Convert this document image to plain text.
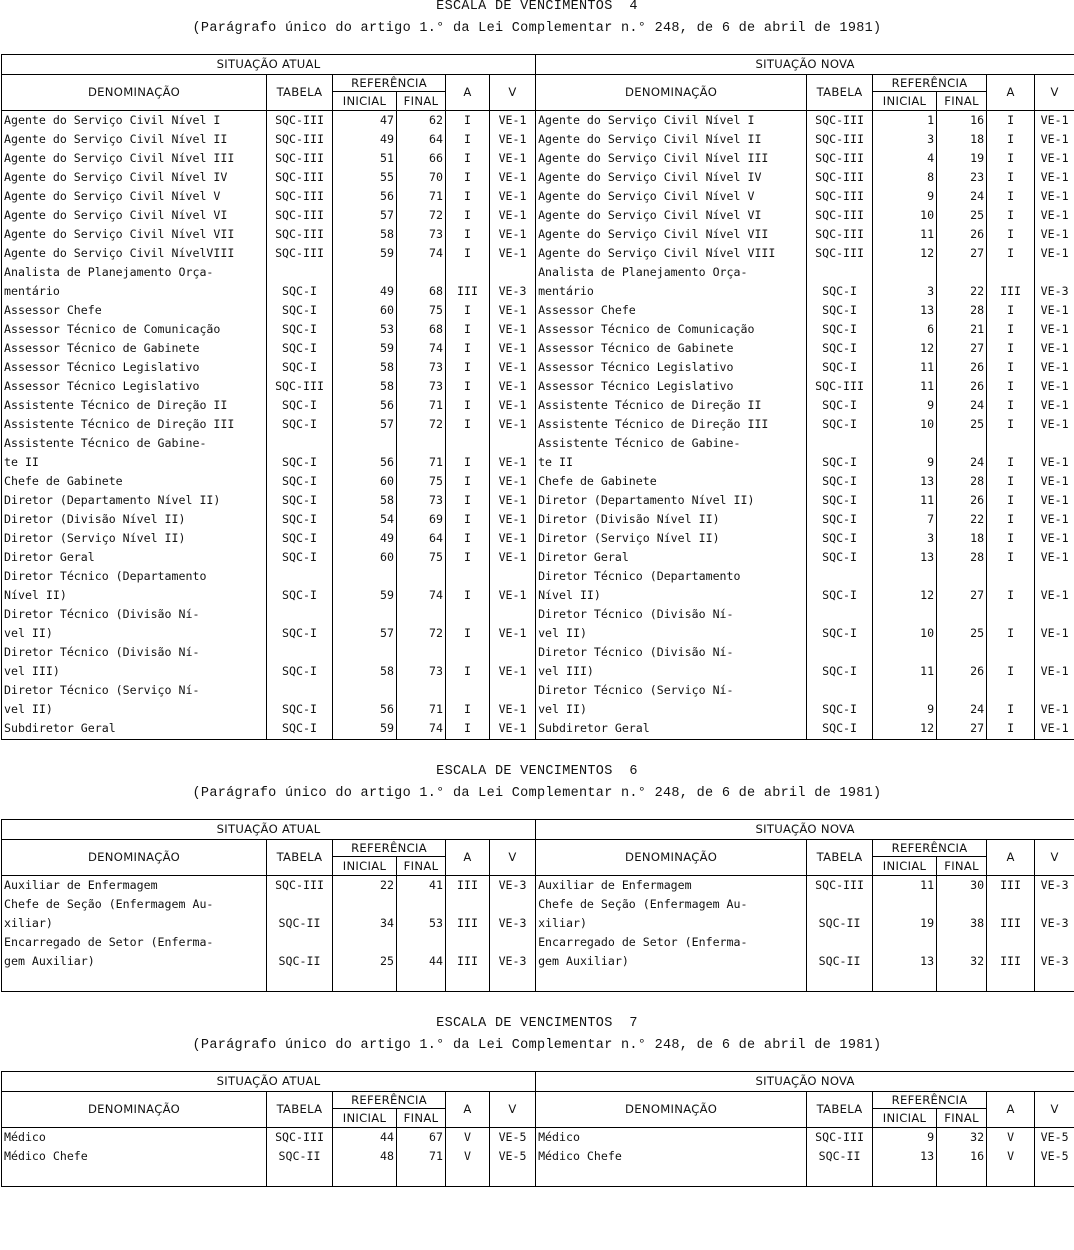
ESCALA DE VENCIMENTOS  4
(Parágrafo único do artigo 1.° da Lei Complementar n.° 248, de 6 de abril de 1981)
SITUAÇÃO ATUAL						SITUAÇÃO NOVA					
DENOMINAÇÃO	TABELA	REFERÊNCIA		A	V	DENOMINAÇÃO	TABELA	REFERÊNCIA		A	V
		INICIAL	FINAL					INICIAL	FINAL		
Agente do Serviço Civil Nível I	SQC-III	47	62	I	VE-1	Agente do Serviço Civil Nível I	SQC-III	1	16	I	VE-1
Agente do Serviço Civil Nível II	SQC-III	49	64	I	VE-1	Agente do Serviço Civil Nível II	SQC-III	3	18	I	VE-1
Agente do Serviço Civil Nível III	SQC-III	51	66	I	VE-1	Agente do Serviço Civil Nível III	SQC-III	4	19	I	VE-1
Agente do Serviço Civil Nível IV	SQC-III	55	70	I	VE-1	Agente do Serviço Civil Nível IV	SQC-III	8	23	I	VE-1
Agente do Serviço Civil Nível V	SQC-III	56	71	I	VE-1	Agente do Serviço Civil Nível V	SQC-III	9	24	I	VE-1
Agente do Serviço Civil Nível VI	SQC-III	57	72	I	VE-1	Agente do Serviço Civil Nível VI	SQC-III	10	25	I	VE-1
Agente do Serviço Civil Nível VII	SQC-III	58	73	I	VE-1	Agente do Serviço Civil Nível VII	SQC-III	11	26	I	VE-1
Agente do Serviço Civil NívelVIII	SQC-III	59	74	I	VE-1	Agente do Serviço Civil Nível VIII	SQC-III	12	27	I	VE-1
Analista de Planejamento Orça-						Analista de Planejamento Orça-					
mentário	SQC-I	49	68	III	VE-3	mentário	SQC-I	3	22	III	VE-3
Assessor Chefe	SQC-I	60	75	I	VE-1	Assessor Chefe	SQC-I	13	28	I	VE-1
Assessor Técnico de Comunicação	SQC-I	53	68	I	VE-1	Assessor Técnico de Comunicação	SQC-I	6	21	I	VE-1
Assessor Técnico de Gabinete	SQC-I	59	74	I	VE-1	Assessor Técnico de Gabinete	SQC-I	12	27	I	VE-1
Assessor Técnico Legislativo	SQC-I	58	73	I	VE-1	Assessor Técnico Legislativo	SQC-I	11	26	I	VE-1
Assessor Técnico Legislativo	SQC-III	58	73	I	VE-1	Assessor Técnico Legislativo	SQC-III	11	26	I	VE-1
Assistente Técnico de Direção II	SQC-I	56	71	I	VE-1	Assistente Técnico de Direção II	SQC-I	9	24	I	VE-1
Assistente Técnico de Direção III	SQC-I	57	72	I	VE-1	Assistente Técnico de Direção III	SQC-I	10	25	I	VE-1
Assistente Técnico de Gabine-						Assistente Técnico de Gabine-					
te II	SQC-I	56	71	I	VE-1	te II	SQC-I	9	24	I	VE-1
Chefe de Gabinete	SQC-I	60	75	I	VE-1	Chefe de Gabinete	SQC-I	13	28	I	VE-1
Diretor (Departamento Nível II)	SQC-I	58	73	I	VE-1	Diretor (Departamento Nível II)	SQC-I	11	26	I	VE-1
Diretor (Divisão Nível II)	SQC-I	54	69	I	VE-1	Diretor (Divisão Nível II)	SQC-I	7	22	I	VE-1
Diretor (Serviço Nível II)	SQC-I	49	64	I	VE-1	Diretor (Serviço Nível II)	SQC-I	3	18	I	VE-1
Diretor Geral	SQC-I	60	75	I	VE-1	Diretor Geral	SQC-I	13	28	I	VE-1
Diretor Técnico (Departamento						Diretor Técnico (Departamento					
Nível II)	SQC-I	59	74	I	VE-1	Nível II)	SQC-I	12	27	I	VE-1
Diretor Técnico (Divisão Ní-						Diretor Técnico (Divisão Ní-					
vel II)	SQC-I	57	72	I	VE-1	vel II)	SQC-I	10	25	I	VE-1
Diretor Técnico (Divisão Ní-						Diretor Técnico (Divisão Ní-					
vel III)	SQC-I	58	73	I	VE-1	vel III)	SQC-I	11	26	I	VE-1
Diretor Técnico (Serviço Ní-						Diretor Técnico (Serviço Ní-					
vel II)	SQC-I	56	71	I	VE-1	vel II)	SQC-I	9	24	I	VE-1
Subdiretor Geral	SQC-I	59	74	I	VE-1	Subdiretor Geral	SQC-I	12	27	I	VE-1

ESCALA DE VENCIMENTOS  6
(Parágrafo único do artigo 1.° da Lei Complementar n.° 248, de 6 de abril de 1981)
SITUAÇÃO ATUAL						SITUAÇÃO NOVA					
DENOMINAÇÃO	TABELA	REFERÊNCIA		A	V	DENOMINAÇÃO	TABELA	REFERÊNCIA		A	V
		INICIAL	FINAL					INICIAL	FINAL		
Auxiliar de Enfermagem	SQC-III	22	41	III	VE-3	Auxiliar de Enfermagem	SQC-III	11	30	III	VE-3
Chefe de Seção (Enfermagem Au-						Chefe de Seção (Enfermagem Au-					
xiliar)	SQC-II	34	53	III	VE-3	xiliar)	SQC-II	19	38	III	VE-3
Encarregado de Setor (Enferma-						Encarregado de Setor (Enferma-					
gem Auxiliar)	SQC-II	25	44	III	VE-3	gem Auxiliar)	SQC-II	13	32	III	VE-3

ESCALA DE VENCIMENTOS  7
(Parágrafo único do artigo 1.° da Lei Complementar n.° 248, de 6 de abril de 1981)
SITUAÇÃO ATUAL						SITUAÇÃO NOVA					
DENOMINAÇÃO	TABELA	REFERÊNCIA		A	V	DENOMINAÇÃO	TABELA	REFERÊNCIA		A	V
		INICIAL	FINAL					INICIAL	FINAL		
Médico	SQC-III	44	67	V	VE-5	Médico	SQC-III	9	32	V	VE-5
Médico Chefe	SQC-II	48	71	V	VE-5	Médico Chefe	SQC-II	13	16	V	VE-5
